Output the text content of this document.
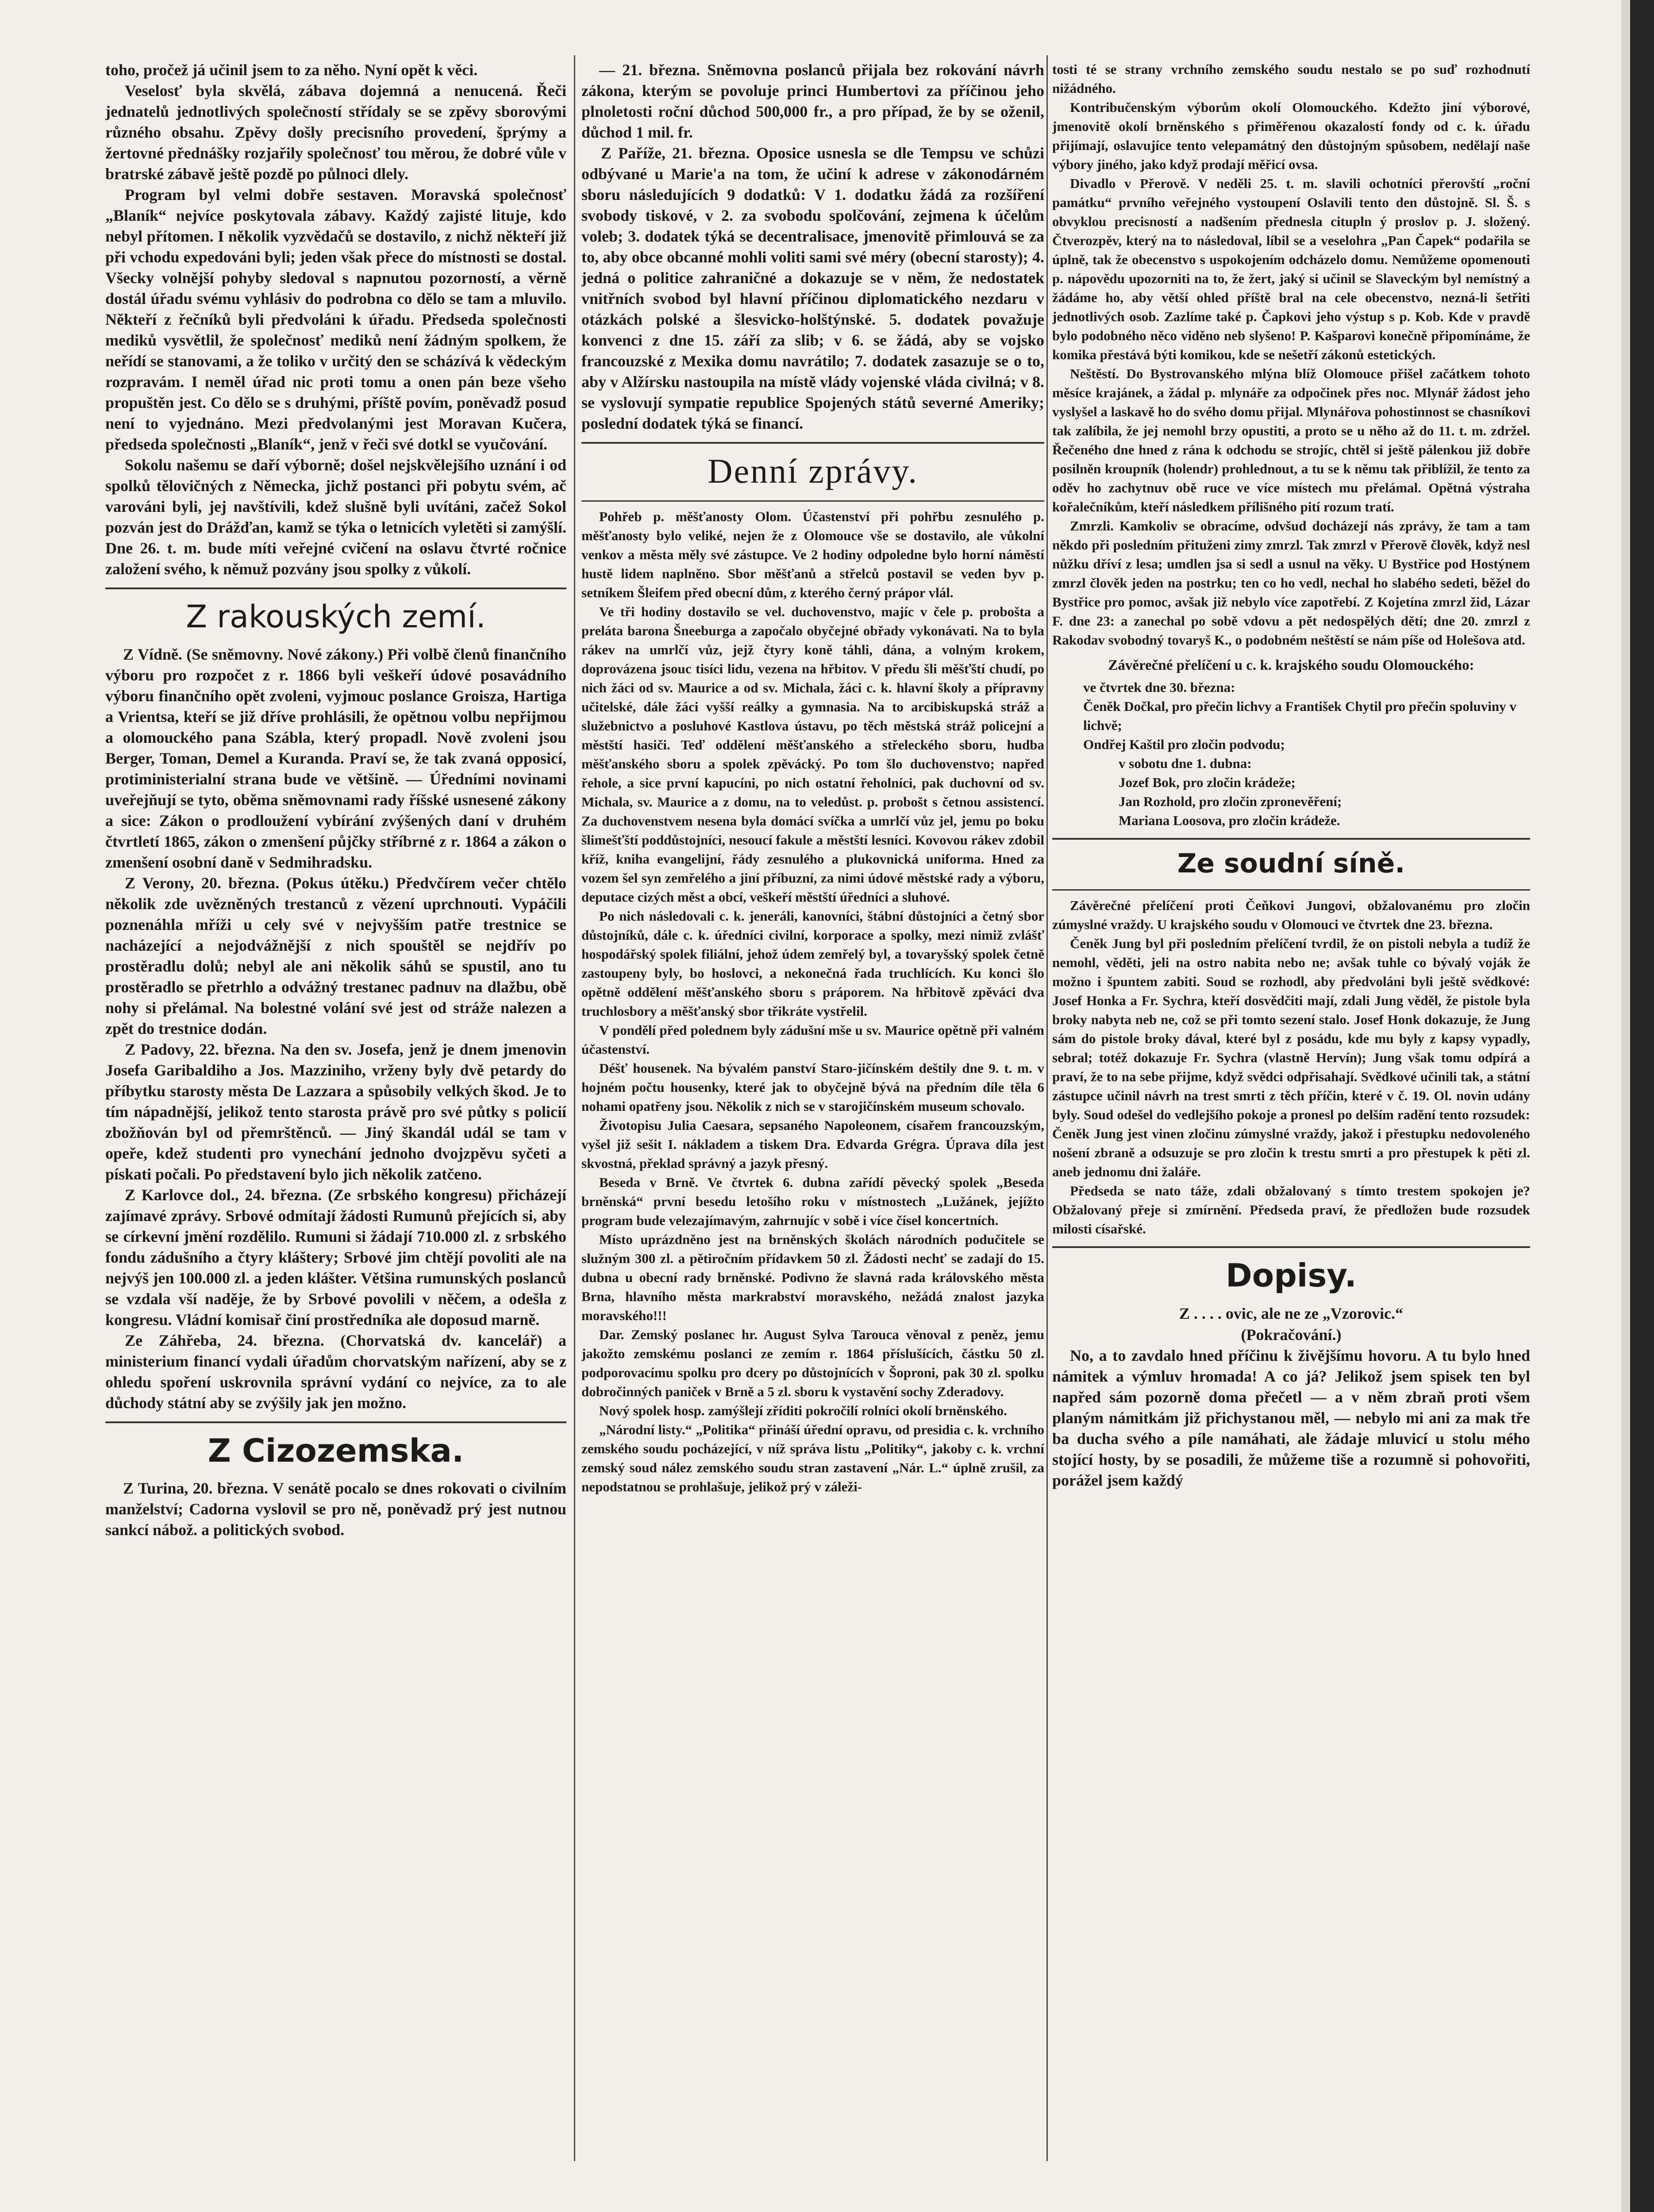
toho, pročež já učinil jsem to za něho. Nyní opět k věci.

Veselosť byla skvělá, zábava dojemná a nenucená. Řeči jednatelů jednotlivých společností střídaly se se zpěvy sborovými různého obsahu. Zpěvy došly precisního provedení, šprýmy a žertovné přednášky rozjařily společnosť tou měrou, že dobré vůle v bratrské zábavě ještě pozdě po půlnoci dlely.

Program byl velmi dobře sestaven. Moravská společnosť „Blaník“ nejvíce poskytovala zábavy. Každý zajisté lituje, kdo nebyl přítomen. I několik vyzvědačů se dostavilo, z nichž někteří již při vchodu expedováni byli; jeden však přece do místnosti se dostal. Všecky volnější pohyby sledoval s napnutou pozorností, a věrně dostál úřadu svému vyhlásiv do podrobna co dělo se tam a mluvilo. Někteří z řečníků byli předvoláni k úřadu. Předseda společnosti mediků vysvětlil, že společnosť mediků není žádným spolkem, že neřídí se stanovami, a že toliko v určitý den se scházívá k vědeckým rozpravám. I neměl úřad nic proti tomu a onen pán beze všeho propuštěn jest. Co dělo se s druhými, příště povím, poněvadž posud není to vyjednáno. Mezi předvolanými jest Moravan Kučera, předseda společnosti „Blaník“, jenž v řeči své dotkl se vyučování.

Sokolu našemu se daří výborně; došel nejskvělejšího uznání i od spolků tělovičných z Německa, jichž postanci při pobytu svém, ač varováni byli, jej navštívili, kdež slušně byli uvítáni, začež Sokol pozván jest do Drážďan, kamž se týka o letnicích vyletěti si zamýšlí. Dne 26. t. m. bude míti veřejné cvičení na oslavu čtvrté ročnice založení svého, k němuž pozvány jsou spolky z vůkolí.

Z rakouských zemí.

Z Vídně. (Se sněmovny. Nové zákony.) Při volbě členů finančního výboru pro rozpočet z r. 1866 byli veškeří údové posavádního výboru finančního opět zvoleni, vyjmouc poslance Groisza, Hartiga a Vrientsa, kteří se již dříve prohlásili, že opětnou volbu nepřijmou a olomouckého pana Szábla, který propadl. Nově zvoleni jsou Berger, Toman, Demel a Kuranda. Praví se, že tak zvaná opposicí, protiministerialní strana bude ve většině. — Úředními novinami uveřejňují se tyto, oběma sněmovnami rady říšské usnesené zákony a sice: Zákon o prodloužení vybírání zvýšených daní v druhém čtvrtletí 1865, zákon o zmenšení půjčky stříbrné z r. 1864 a zákon o zmenšení osobní daně v Sedmihradsku.

Z Verony, 20. března. (Pokus útěku.) Předvčírem večer chtělo několik zde uvězněných trestanců z vězení uprchnouti. Vypáčili poznenáhla mříži u cely své v nejvyšším patře trestnice se nacházející a nejodvážnější z nich spouštěl se nejdřív po prostěradlu dolů; nebyl ale ani několik sáhů se spustil, ano tu prostěradlo se přetrhlo a odvážný trestanec padnuv na dlažbu, obě nohy si přelámal. Na bolestné volání své jest od stráže nalezen a zpět do trestnice dodán.

Z Padovy, 22. března. Na den sv. Josefa, jenž je dnem jmenovin Josefa Garibaldiho a Jos. Mazziniho, vrženy byly dvě petardy do příbytku starosty města De Lazzara a spůsobily velkých škod. Je to tím nápadnější, jelikož tento starosta právě pro své půtky s policií zbožňován byl od přemrštěnců. — Jiný škandál udál se tam v opeře, kdež studenti pro vynechání jednoho dvojzpěvu syčeti a pískati počali. Po představení bylo jich několik zatčeno.

Z Karlovce dol., 24. března. (Ze srbského kongresu) přicházejí zajímavé zprávy. Srbové odmítají žádosti Rumunů přejících si, aby se církevní jmění rozdělilo. Rumuni si žádají 710.000 zl. z srbského fondu zádušního a čtyry kláštery; Srbové jim chtějí povoliti ale na nejvýš jen 100.000 zl. a jeden klášter. Většina rumunských poslanců se vzdala vší naděje, že by Srbové povolili v něčem, a odešla z kongresu. Vládní komisař činí prostředníka ale doposud marně.

Ze Záhřeba, 24. března. (Chorvatská dv. kancelář) a ministerium financí vydali úřadům chorvatským nařízení, aby se z ohledu spoření uskrovnila správní vydání co nejvíce, za to ale důchody státní aby se zvýšily jak jen možno.

Z Cizozemska.

Z Turina, 20. března. V senátě pocalo se dnes rokovati o civilním manželství; Cadorna vyslovil se pro ně, poněvadž prý jest nutnou sankcí nábož. a politických svobod.

— 21. března. Sněmovna poslanců přijala bez rokování návrh zákona, kterým se povoluje princi Humbertovi za příčinou jeho plnoletosti roční důchod 500,000 fr., a pro případ, že by se oženil, důchod 1 mil. fr.

Z Paříže, 21. března. Oposice usnesla se dle Tempsu ve schůzi odbývané u Marie'a na tom, že učiní k adrese v zákonodárném sboru následujících 9 dodatků: V 1. dodatku žádá za rozšíření svobody tiskové, v 2. za svobodu spolčování, zejmena k účelům voleb; 3. dodatek týká se decentralisace, jmenovitě přimlouvá se za to, aby obce obcanné mohli voliti sami své méry (obecní starosty); 4. jedná o politice zahraničné a dokazuje se v něm, že nedostatek vnitřních svobod byl hlavní příčinou diplomatického nezdaru v otázkách polské a šlesvicko-holštýnské. 5. dodatek považuje konvenci z dne 15. září za slib; v 6. se žádá, aby se vojsko francouzské z Mexika domu navrátilo; 7. dodatek zasazuje se o to, aby v Alžírsku nastoupila na místě vlády vojenské vláda civilná; v 8. se vyslovují sympatie republice Spojených států severné Ameriky; poslední dodatek týká se financí.

Denní zprávy.

Pohřeb p. měšťanosty Olom. Účastenství při pohřbu zesnulého p. měšťanosty bylo veliké, nejen že z Olomouce vše se dostavilo, ale vůkolní venkov a města měly své zástupce. Ve 2 hodiny odpoledne bylo horní náměstí hustě lidem naplněno. Sbor měšťanů a střelců postavil se veden byv p. setníkem Šleifem před obecní dům, z kterého černý prápor vlál.

Ve tři hodiny dostavilo se vel. duchovenstvo, majíc v čele p. probošta a preláta barona Šneeburga a započalo obyčejné obřady vykonávati. Na to byla rákev na umrlčí vůz, jejž čtyry koně táhli, dána, a volným krokem, doprovázena jsouc tisíci lidu, vezena na hřbitov. V předu šli měšťští chudí, po nich žáci od sv. Maurice a od sv. Michala, žáci c. k. hlavní školy a přípravny učitelské, dále žáci vyšší reálky a gymnasia. Na to arcibiskupská stráž a služebnictvo a posluhové Kastlova ústavu, po těch městská stráž policejní a městští hasiči. Teď oddělení měšťanského a střeleckého sboru, hudba měšťanského sboru a spolek zpěvácký. Po tom šlo duchovenstvo; napřed řehole, a sice první kapucíni, po nich ostatní řeholníci, pak duchovní od sv. Michala, sv. Maurice a z domu, na to veledůst. p. probošt s četnou assistencí. Za duchovenstvem nesena byla domácí svíčka a umrlčí vůz jel, jemu po boku šlimešťští poddůstojníci, nesoucí fakule a městští lesníci. Kovovou rákev zdobil kříž, kniha evangelijní, řády zesnulého a plukovnická uniforma. Hned za vozem šel syn zemřelého a jiní příbuzní, za nimi údové městské rady a výboru, deputace cizých měst a obcí, veškeří městští úředníci a sluhové.

Po nich následovali c. k. jeneráli, kanovníci, štábní důstojníci a četný sbor důstojníků, dále c. k. úředníci civilní, korporace a spolky, mezi nimiž zvlášť hospodářský spolek filiální, jehož údem zemřelý byl, a tovaryšský spolek četně zastoupeny byly, bo hoslovci, a nekonečná řada truchlících. Ku konci šlo opětně oddělení měšťanského sboru s práporem. Na hřbitově zpěváci dva truchlosbory a měšťanský sbor třikráte vystřelil.

V pondělí před polednem byly zádušní mše u sv. Maurice opětně při valném účastenství.

Déšť housenek. Na bývalém panství Staro-jičínském deštily dne 9. t. m. v hojném počtu housenky, které jak to obyčejně bývá na předním díle těla 6 nohami opatřeny jsou. Několik z nich se v starojičínském museum schovalo.

Životopisu Julia Caesara, sepsaného Napoleonem, císařem francouzským, vyšel již sešit I. nákladem a tiskem Dra. Edvarda Grégra. Úprava díla jest skvostná, překlad správný a jazyk přesný.

Beseda v Brně. Ve čtvrtek 6. dubna zařídí pěvecký spolek „Beseda brněnská“ první besedu letošího roku v místnostech „Lužánek, jejížto program bude velezajímavým, zahrnujíc v sobě i více čísel koncertních.

Místo uprázdněno jest na brněnských školách národních podučitele se služným 300 zl. a pětiročním přídavkem 50 zl. Žádosti nechť se zadají do 15. dubna u obecní rady brněnské. Podivno že slavná rada královského města Brna, hlavního města markrabství moravského, nežádá znalost jazyka moravského!!!

Dar. Zemský poslanec hr. August Sylva Tarouca věnoval z peněz, jemu jakožto zemskému poslanci ze zemím r. 1864 příslušících, částku 50 zl. podporovacímu spolku pro dcery po důstojnících v Šoproni, pak 30 zl. spolku dobročinných paniček v Brně a 5 zl. sboru k vystavění sochy Zderadovy.

Nový spolek hosp. zamýšlejí zříditi pokročilí rolníci okolí brněnského.

„Národní listy.“ „Politika“ přináší úřední opravu, od presidia c. k. vrchního zemského soudu pocházející, v níž správa listu „Politiky“, jakoby c. k. vrchní zemský soud nález zemského soudu stran zastavení „Nár. L.“ úplně zrušil, za nepodstatnou se prohlašuje, jelikož prý v záleži-

tosti té se strany vrchního zemského soudu nestalo se po suď rozhodnutí nižádného.

Kontribučenským výborům okolí Olomouckého. Kdežto jiní výborové, jmenovitě okolí brněnského s přiměřenou okazalostí fondy od c. k. úřadu přijímají, oslavujíce tento velepamátný den důstojným spůsobem, nedělají naše výbory jiného, jako když prodají měřicí ovsa.

Divadlo v Přerově. V neděli 25. t. m. slavili ochotníci přerovští „roční památku“ prvního veřejného vystoupení Oslavili tento den důstojně. Sl. Š. s obvyklou precisností a nadšením přednesla citupln ý proslov p. J. složený. Čtverozpěv, který na to následoval, líbil se a veselohra „Pan Čapek“ podařila se úplně, tak že obecenstvo s uspokojením odcházelo domu. Nemůžeme opomenouti p. nápovědu upozorniti na to, že žert, jaký si učinil se Slaveckým byl nemístný a žádáme ho, aby větší ohled příště bral na cele obecenstvo, nezná-li šetřiti jednotlivých osob. Zazlíme také p. Čapkovi jeho výstup s p. Kob. Kde v pravdě bylo podobného něco viděno neb slyšeno! P. Kašparovi konečně připomínáme, že komika přestává býti komikou, kde se nešetří zákonů estetických.

Neštěstí. Do Bystrovanského mlýna blíž Olomouce přišel začátkem tohoto měsíce krajánek, a žádal p. mlynáře za odpočinek přes noc. Mlynář žádost jeho vyslyšel a laskavě ho do svého domu přijal. Mlynářova pohostinnost se chasníkovi tak zalíbila, že jej nemohl brzy opustiti, a proto se u něho až do 11. t. m. zdržel. Řečeného dne hned z rána k odchodu se strojíc, chtěl si ještě pálenkou již dobře posilněn kroupník (holendr) prohlednout, a tu se k němu tak přiblížil, že tento za oděv ho zachytnuv obě ruce ve více místech mu přelámal. Opětná výstraha kořalečníkům, kteří následkem přílišného pití rozum tratí.

Zmrzli. Kamkoliv se obracíme, odvšud docházejí nás zprávy, že tam a tam někdo při posledním přituženi zimy zmrzl. Tak zmrzl v Přerově člověk, když nesl nůžku dříví z lesa; umdlen jsa si sedl a usnul na věky. U Bystřice pod Hostýnem zmrzl člověk jeden na postrku; ten co ho vedl, nechal ho slabého sedeti, běžel do Bystřice pro pomoc, avšak již nebylo více zapotřebí. Z Kojetína zmrzl žid, Lázar F. dne 23: a zanechal po sobě vdovu a pět nedospělých dětí; dne 20. zmrzl z Rakodav svobodný tovaryš K., o podobném neštěstí se nám píše od Holešova atd.

Závěrečné přelíčení u c. k. krajského soudu Olomouckého:

ve čtvrtek dne 30. března:
Čeněk Dočkal, pro přečin lichvy a František Chytil pro přečin spoluviny v lichvě;
Ondřej Kaštil pro zločin podvodu;
v sobotu dne 1. dubna:
Jozef Bok, pro zločin krádeže;
Jan Rozhold, pro zločin zpronevěření;
Mariana Loosova, pro zločin krádeže.
Ze soudní síně.

Závěrečné přelíčení proti Čeňkovi Jungovi, obžalovanému pro zločin zúmyslné vraždy. U krajského soudu v Olomouci ve čtvrtek dne 23. března.

Čeněk Jung byl při posledním přelíčení tvrdil, že on pistoli nebyla a tudíž že nemohl, věděti, jeli na ostro nabita nebo ne; avšak tuhle co bývalý voják že možno i špuntem zabiti. Soud se rozhodl, aby předvoláni byli ještě svědkové: Josef Honka a Fr. Sychra, kteří dosvědčiti mají, zdali Jung věděl, že pistole byla broky nabyta neb ne, což se při tomto sezení stalo. Josef Honk dokazuje, že Jung sám do pistole broky dával, které byl z posádu, kde mu byly z kapsy vypadly, sebral; totéž dokazuje Fr. Sychra (vlastně Hervín); Jung však tomu odpírá a praví, že to na sebe přijme, když svědci odpřisahají. Svědkové učinili tak, a státní zástupce učinil návrh na trest smrti z těch příčin, které v č. 19. Ol. novin udány byly. Soud odešel do vedlejšího pokoje a pronesl po delším radění tento rozsudek: Čeněk Jung jest vinen zločinu zúmyslné vraždy, jakož i přestupku nedovoleného nošení zbraně a odsuzuje se pro zločin k trestu smrti a pro přestupek k pěti zl. aneb jednomu dni žaláře.

Předseda se nato táže, zdali obžalovaný s tímto trestem spokojen je? Obžalovaný přeje si zmírnění. Předseda praví, že předložen bude rozsudek milosti císařské.

Dopisy.
Z . . . . ovic, ale ne ze „Vzorovic.“
(Pokračování.)

No, a to zavdalo hned příčinu k živějšímu hovoru. A tu bylo hned námitek a výmluv hromada! A co já? Jelikož jsem spisek ten byl napřed sám pozorně doma přečetl — a v něm zbraň proti všem planým námitkám již přichystanou měl, — nebylo mi ani za mak tře ba ducha svého a píle namáhati, ale žádaje mluvicí u stolu mého stojící hosty, by se posadili, že můžeme tiše a rozumně si pohovořiti, porážel jsem každý
